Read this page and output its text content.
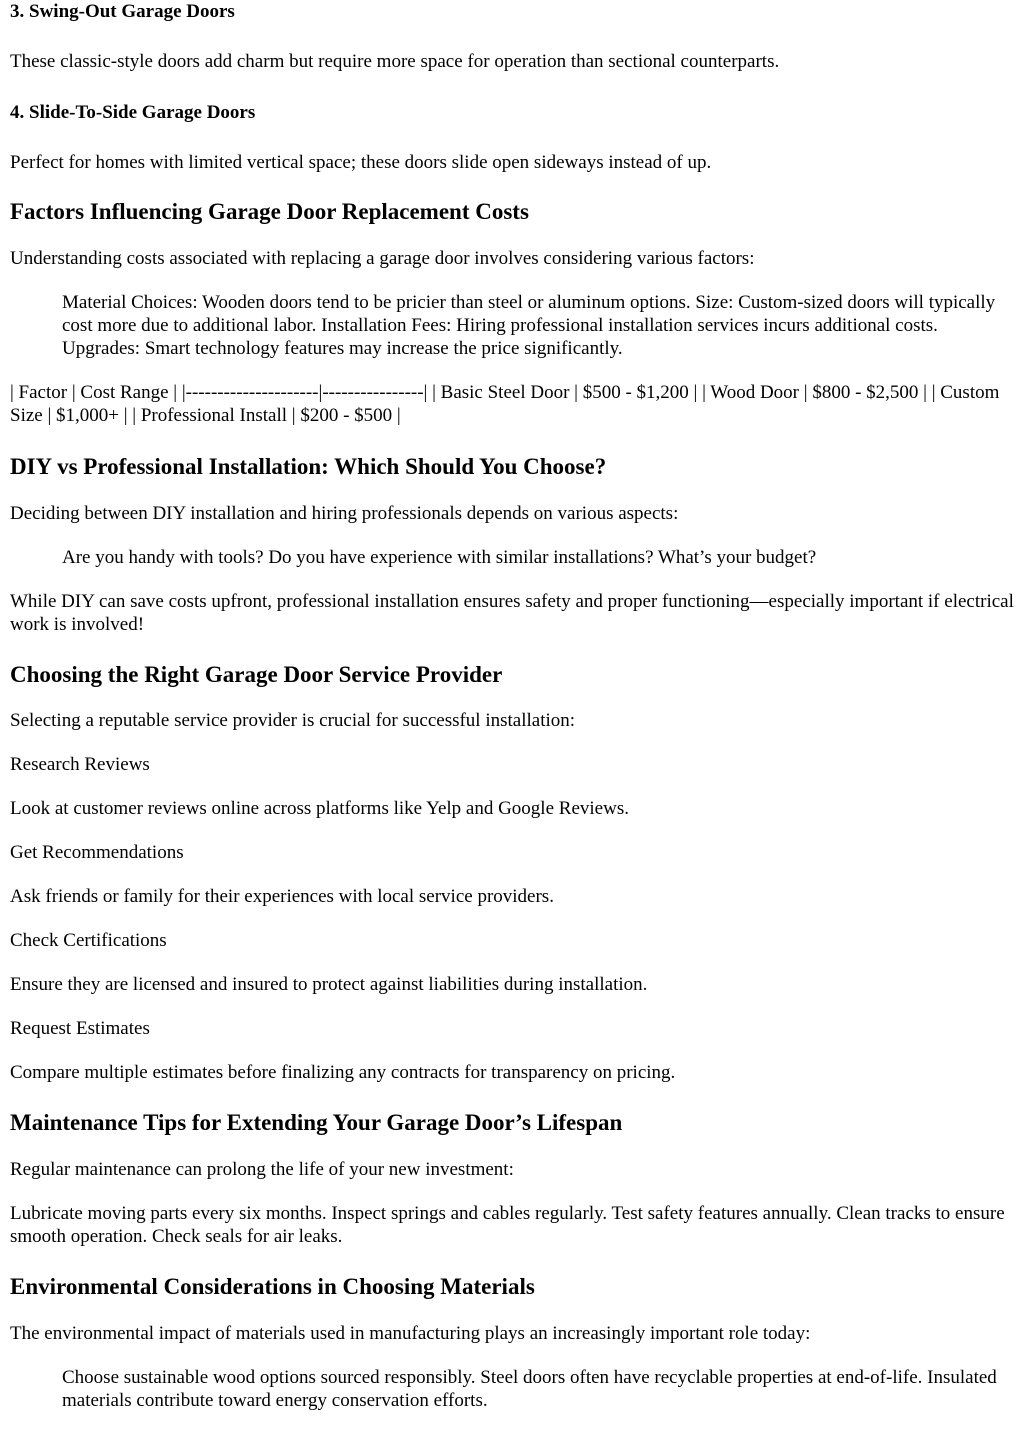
3. Swing-Out Garage Doors

These classic-style doors add charm but require more space for operation than sectional counterparts.

4. Slide-To-Side Garage Doors

Perfect for homes with limited vertical space; these doors slide open sideways instead of up.

Factors Influencing Garage Door Replacement Costs

Understanding costs associated with replacing a garage door involves considering various factors:

Material Choices: Wooden doors tend to be pricier than steel or aluminum options. Size: Custom-sized doors will typically cost more due to additional labor. Installation Fees: Hiring professional installation services incurs additional costs. Upgrades: Smart technology features may increase the price significantly.

| Factor | Cost Range | |---------------------|----------------| | Basic Steel Door | $500 - $1,200 | | Wood Door | $800 - $2,500 | | Custom Size | $1,000+ | | Professional Install | $200 - $500 |

DIY vs Professional Installation: Which Should You Choose?

Deciding between DIY installation and hiring professionals depends on various aspects:

Are you handy with tools? Do you have experience with similar installations? What’s your budget?

While DIY can save costs upfront, professional installation ensures safety and proper functioning—especially important if electrical work is involved!

Choosing the Right Garage Door Service Provider

Selecting a reputable service provider is crucial for successful installation:

Research Reviews

Look at customer reviews online across platforms like Yelp and Google Reviews.

Get Recommendations

Ask friends or family for their experiences with local service providers.

Check Certifications

Ensure they are licensed and insured to protect against liabilities during installation.

Request Estimates

Compare multiple estimates before finalizing any contracts for transparency on pricing.

Maintenance Tips for Extending Your Garage Door’s Lifespan

Regular maintenance can prolong the life of your new investment:

Lubricate moving parts every six months. Inspect springs and cables regularly. Test safety features annually. Clean tracks to ensure smooth operation. Check seals for air leaks.

Environmental Considerations in Choosing Materials

The environmental impact of materials used in manufacturing plays an increasingly important role today:

Choose sustainable wood options sourced responsibly. Steel doors often have recyclable properties at end-of-life. Insulated materials contribute toward energy conservation efforts.
